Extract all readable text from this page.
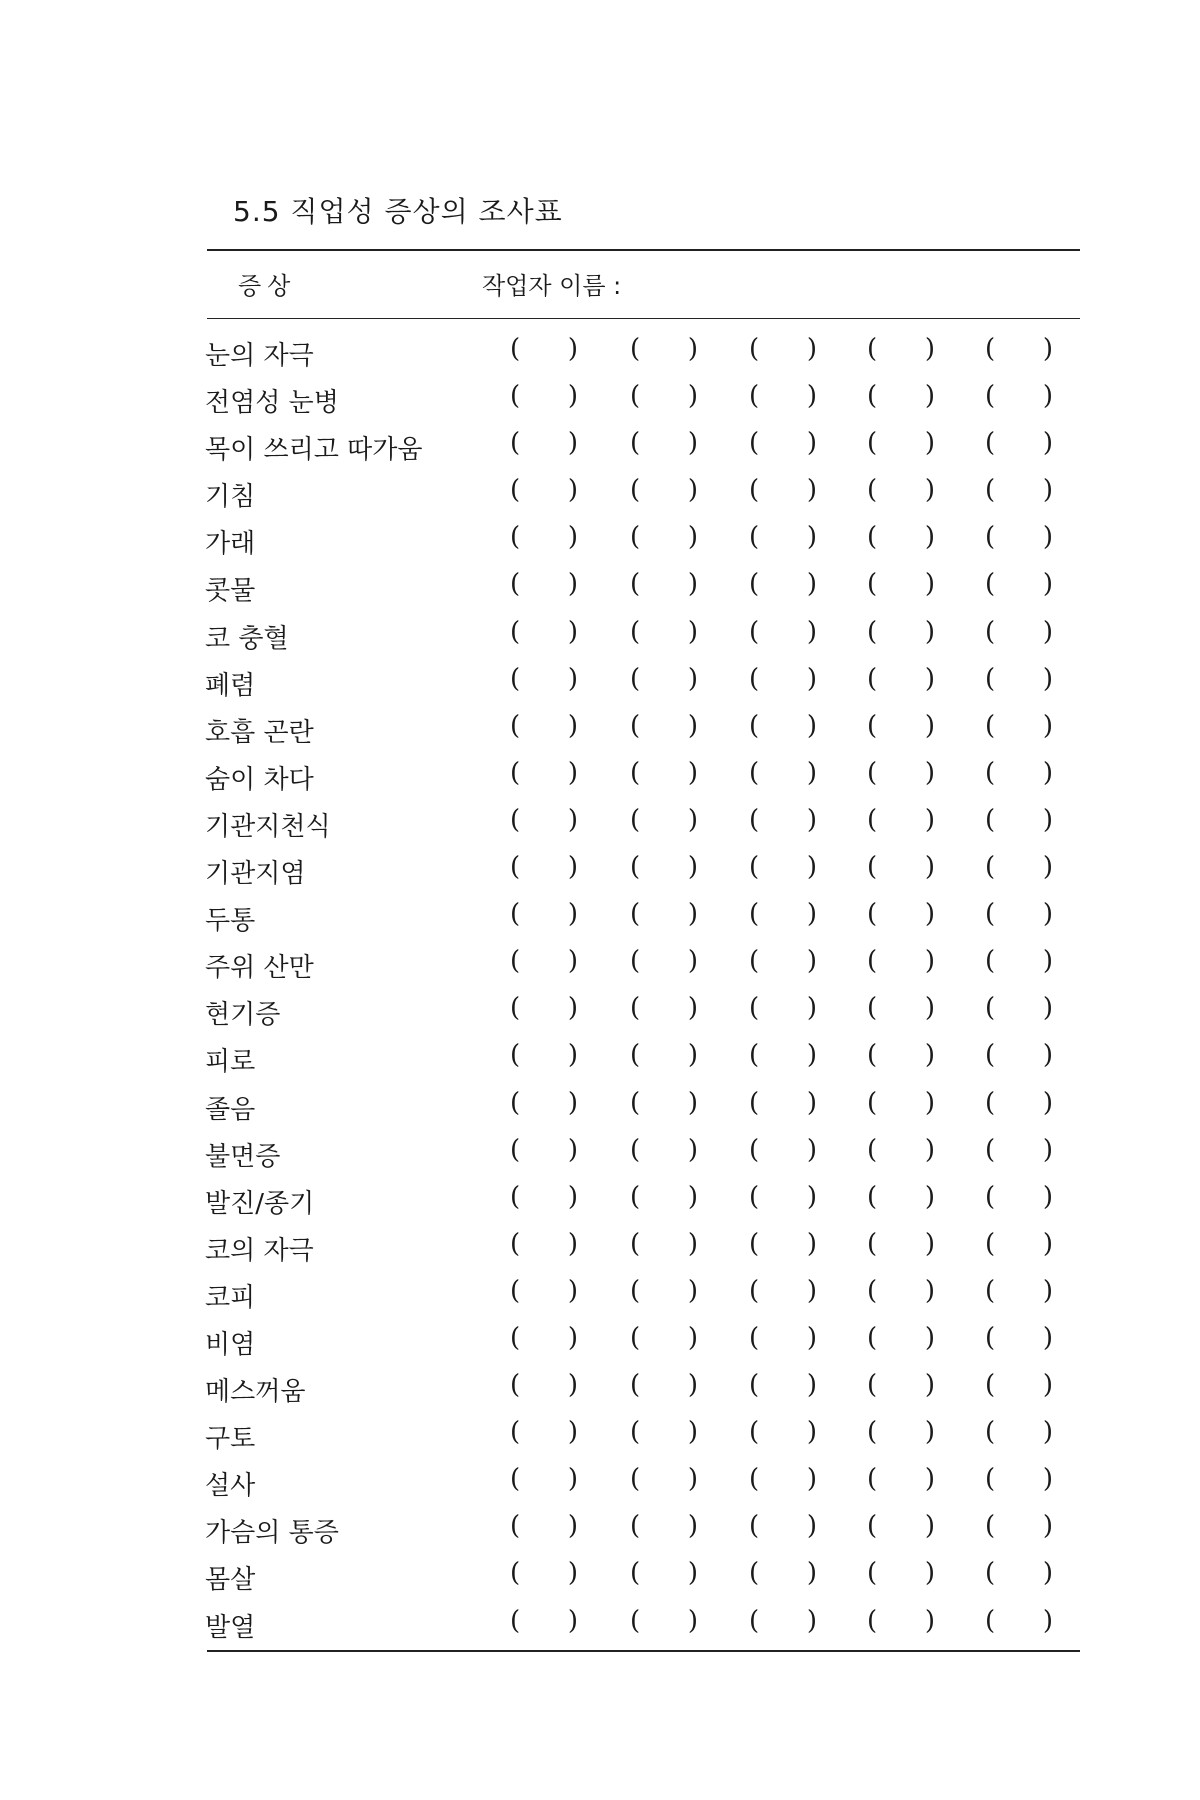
5.5 직업성 증상의 조사표
증상	작업자 이름 :
눈의 자극	( ) ( ) ( ) ( ) ( )
전염성 눈병	( ) ( ) ( ) ( ) ( )
목이 쓰리고 따가움	( ) ( ) ( ) ( ) ( )
기침	( ) ( ) ( ) ( ) ( )
가래	( ) ( ) ( ) ( ) ( )
콧물	( ) ( ) ( ) ( ) ( )
코 충혈	( ) ( ) ( ) ( ) ( )
폐렴	( ) ( ) ( ) ( ) ( )
호흡 곤란	( ) ( ) ( ) ( ) ( )
숨이 차다	( ) ( ) ( ) ( ) ( )
기관지천식	( ) ( ) ( ) ( ) ( )
기관지염	( ) ( ) ( ) ( ) ( )
두통	( ) ( ) ( ) ( ) ( )
주위 산만	( ) ( ) ( ) ( ) ( )
현기증	( ) ( ) ( ) ( ) ( )
피로	( ) ( ) ( ) ( ) ( )
졸음	( ) ( ) ( ) ( ) ( )
불면증	( ) ( ) ( ) ( ) ( )
발진/종기	( ) ( ) ( ) ( ) ( )
코의 자극	( ) ( ) ( ) ( ) ( )
코피	( ) ( ) ( ) ( ) ( )
비염	( ) ( ) ( ) ( ) ( )
메스꺼움	( ) ( ) ( ) ( ) ( )
구토	( ) ( ) ( ) ( ) ( )
설사	( ) ( ) ( ) ( ) ( )
가슴의 통증	( ) ( ) ( ) ( ) ( )
몸살	( ) ( ) ( ) ( ) ( )
발열	( ) ( ) ( ) ( ) ( )
